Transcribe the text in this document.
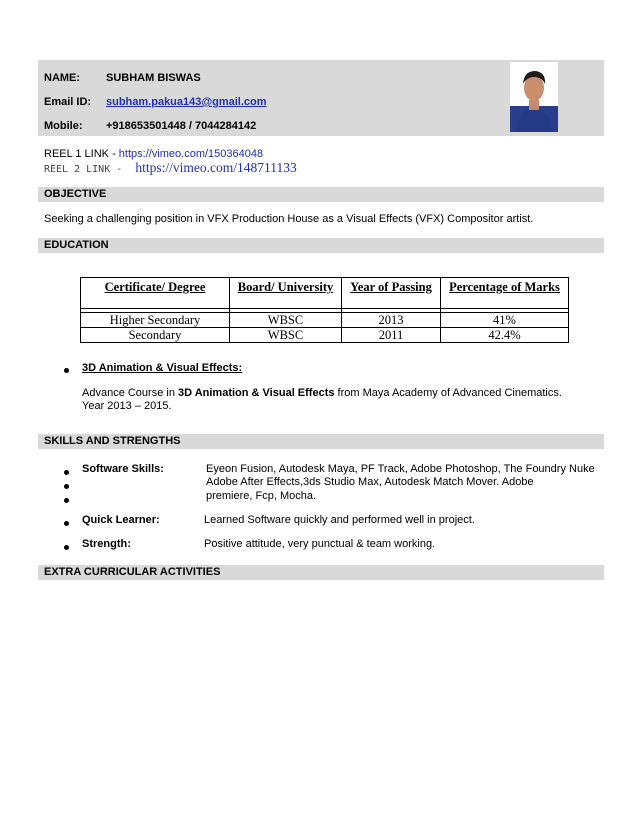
NAME: SUBHAM BISWAS
Email ID: subham.pakua143@gmail.com
Mobile: +918653501448 / 7044284142
REEL 1 LINK - https://vimeo.com/150364048
REEL 2 LINK - https://vimeo.com/148711133
OBJECTIVE
Seeking a challenging position in VFX Production House as a Visual Effects (VFX) Compositor artist.
EDUCATION
Certificate/ Degree	Board/ University	Year of Passing	Percentage of Marks

Higher Secondary	WBSC	2013	41%
Secondary	WBSC	2011	42.4%
3D Animation & Visual Effects:
Advance Course in 3D Animation & Visual Effects from Maya Academy of Advanced Cinematics.
Year 2013 – 2015.
SKILLS AND STRENGTHS
Software Skills:	Eyeon Fusion, Autodesk Maya, PF Track, Adobe Photoshop, The Foundry Nuke
Adobe After Effects,3ds Studio Max, Autodesk Match Mover. Adobe
premiere, Fcp, Mocha.
Quick Learner:	Learned Software quickly and performed well in project.
Strength:	Positive attitude, very punctual & team working.
EXTRA CURRICULAR ACTIVITIES
